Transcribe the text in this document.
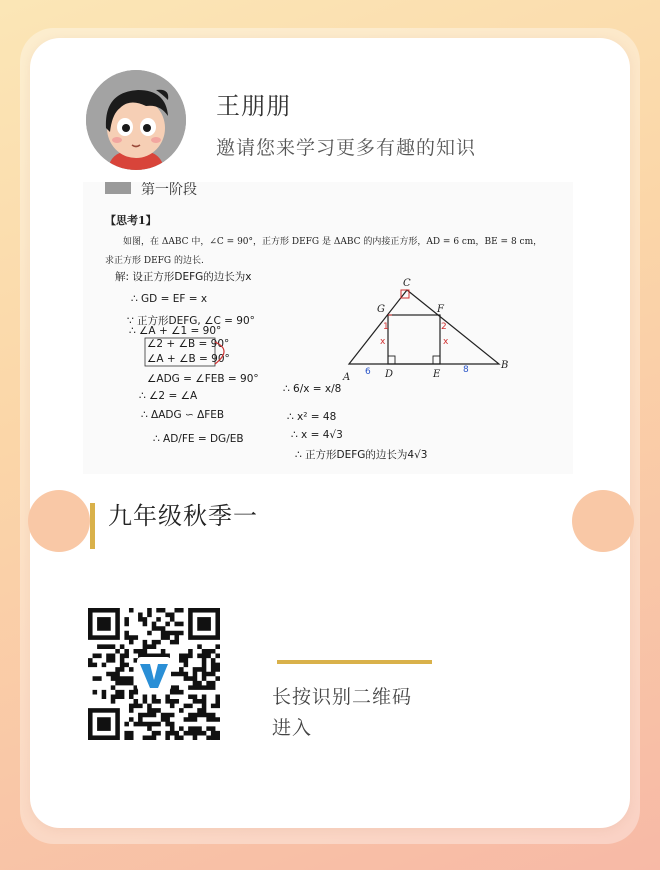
王朋朋
邀请您来学习更多有趣的知识
第一阶段
【思考1】
如图，在 ΔABC 中，∠C = 90°，正方形 DEFG 是 ΔABC 的内接正方形，AD = 6 cm，BE = 8 cm，
求正方形 DEFG 的边长.
解: 设正方形DEFG的边长为x
∴ GD = EF = x
∵ 正方形DEFG, ∠C = 90°
∴ ∠A + ∠1 = 90°
∠2 + ∠B = 90°
∠A + ∠B = 90°
∠ADG = ∠FEB = 90°
∴ ∠2 = ∠A
∴ ΔADG ∽ ΔFEB
∴ AD/FE = DG/EB
∴ 6/x = x/8
∴ x² = 48
∴ x = 4√3
∴ 正方形DEFG的边长为4√3
A
B
C
D	E
F
G
6	8
x	x
1	2
九年级秋季一
长按识别二维码
进入
